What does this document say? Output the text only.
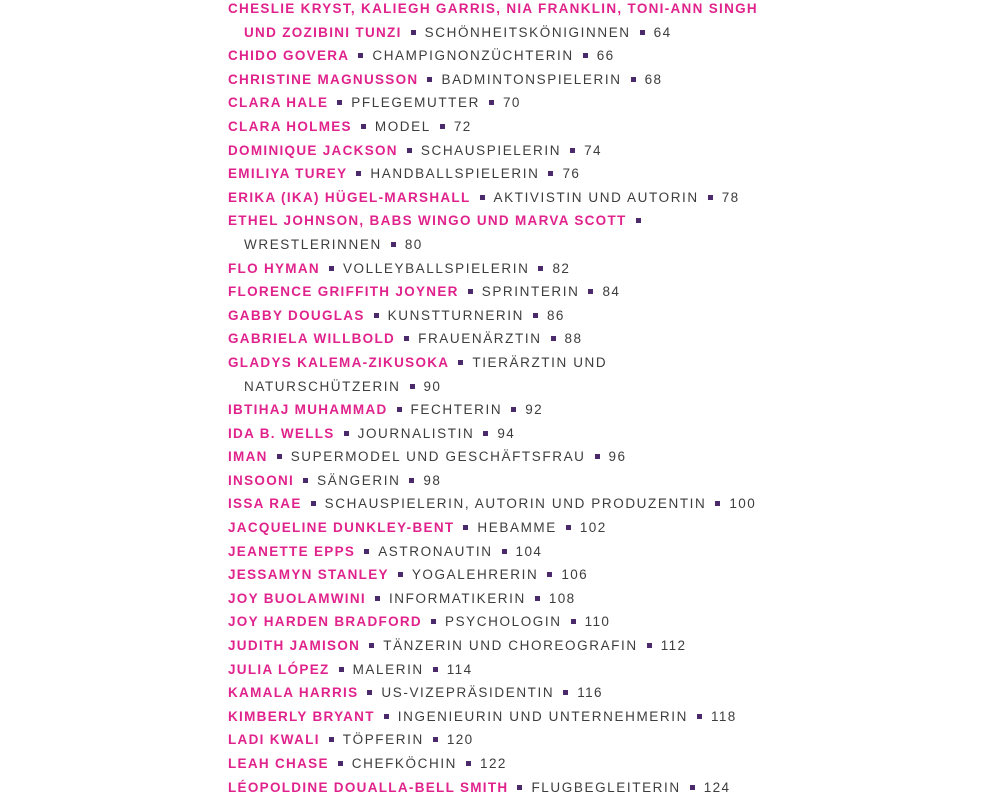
CHESLIE KRYST, KALIEGH GARRIS, NIA FRANKLIN, TONI-ANN SINGH
UND ZOZIBINI TUNZI SCHÖNHEITSKÖNIGINNEN 64
CHIDO GOVERA CHAMPIGNONZÜCHTERIN 66
CHRISTINE MAGNUSSON BADMINTONSPIELERIN 68
CLARA HALE PFLEGEMUTTER 70
CLARA HOLMES MODEL 72
DOMINIQUE JACKSON SCHAUSPIELERIN 74
EMILIYA TUREY HANDBALLSPIELERIN 76
ERIKA (IKA) HÜGEL-MARSHALL AKTIVISTIN UND AUTORIN 78
ETHEL JOHNSON, BABS WINGO UND MARVA SCOTT
WRESTLERINNEN 80
FLO HYMAN VOLLEYBALLSPIELERIN 82
FLORENCE GRIFFITH JOYNER SPRINTERIN 84
GABBY DOUGLAS KUNSTTURNERIN 86
GABRIELA WILLBOLD FRAUENÄRZTIN 88
GLADYS KALEMA-ZIKUSOKA TIERÄRZTIN UND
NATURSCHÜTZERIN 90
IBTIHAJ MUHAMMAD FECHTERIN 92
IDA B. WELLS JOURNALISTIN 94
IMAN SUPERMODEL UND GESCHÄFTSFRAU 96
INSOONI SÄNGERIN 98
ISSA RAE SCHAUSPIELERIN, AUTORIN UND PRODUZENTIN 100
JACQUELINE DUNKLEY-BENT HEBAMME 102
JEANETTE EPPS ASTRONAUTIN 104
JESSAMYN STANLEY YOGALEHRERIN 106
JOY BUOLAMWINI INFORMATIKERIN 108
JOY HARDEN BRADFORD PSYCHOLOGIN 110
JUDITH JAMISON TÄNZERIN UND CHOREOGRAFIN 112
JULIA LÓPEZ MALERIN 114
KAMALA HARRIS US-VIZEPRÄSIDENTIN 116
KIMBERLY BRYANT INGENIEURIN UND UNTERNEHMERIN 118
LADI KWALI TÖPFERIN 120
LEAH CHASE CHEFKÖCHIN 122
LÉOPOLDINE DOUALLA-BELL SMITH FLUGBEGLEITERIN 124
